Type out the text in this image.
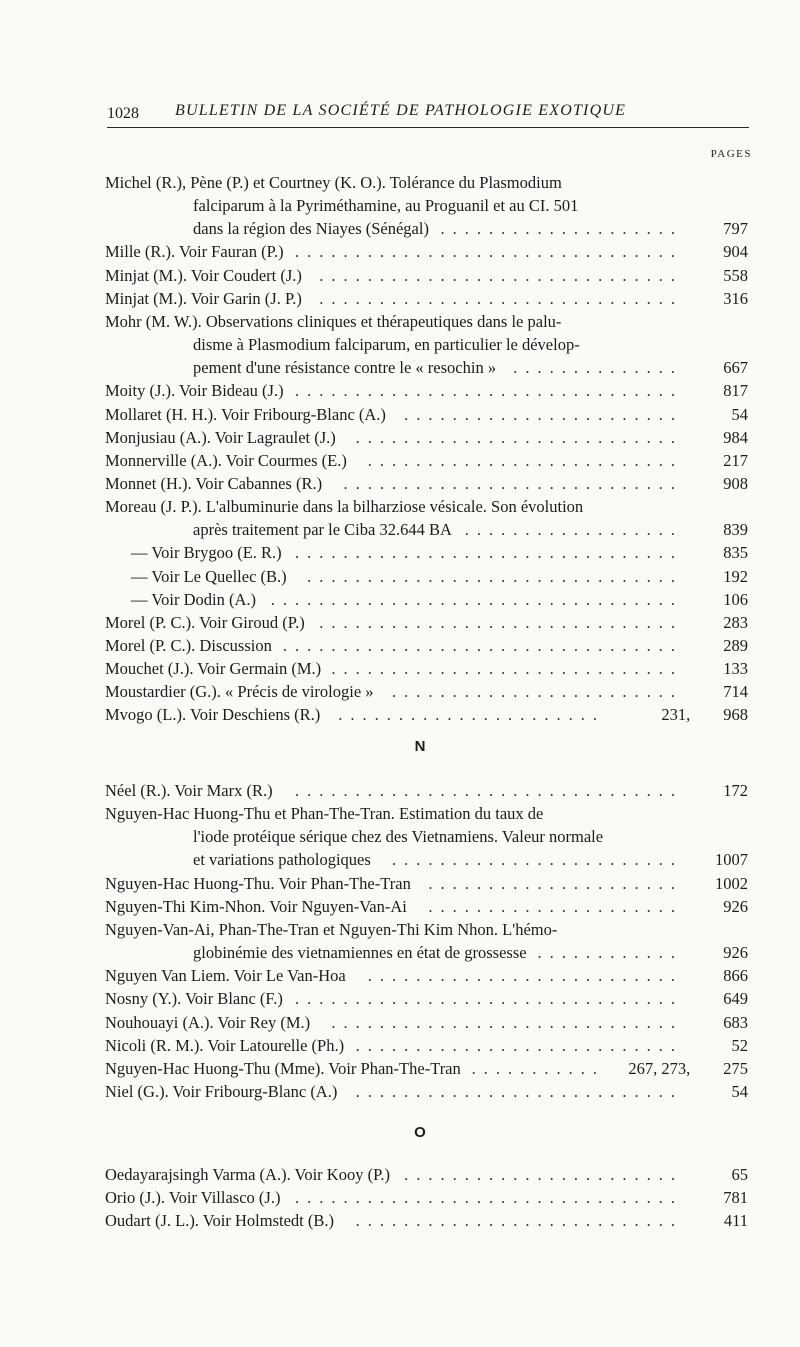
1028 BULLETIN DE LA SOCIÉTÉ DE PATHOLOGIE EXOTIQUE
PAGES
Michel (R.), Pène (P.) et Courtney (K. O.). Tolérance du Plasmodium
falciparum à la Pyriméthamine, au Proguanil et au CI. 501
dans la région des Niayes (Sénégal) ....................	797
Mille (R.). Voir Fauran (P.) ................................	904
Minjat (M.). Voir Coudert (J.) ..............................	558
Minjat (M.). Voir Garin (J. P.) ..............................	316
Mohr (M. W.). Observations cliniques et thérapeutiques dans le palu-
disme à Plasmodium falciparum, en particulier le dévelop-
pement d'une résistance contre le « resochin » ..............	667
Moity (J.). Voir Bideau (J.) ................................	817
Mollaret (H. H.). Voir Fribourg-Blanc (A.) .......................	54
Monjusiau (A.). Voir Lagraulet (J.) ...........................	984
Monnerville (A.). Voir Courmes (E.) ..........................	217
Monnet (H.). Voir Cabannes (R.) ............................	908
Moreau (J. P.). L'albuminurie dans la bilharziose vésicale. Son évolution
après traitement par le Ciba 32.644 BA ..................	839
— Voir Brygoo (E. R.) ................................	835
— Voir Le Quellec (B.) ...............................	192
— Voir Dodin (A.) ..................................	106
Morel (P. C.). Voir Giroud (P.) ..............................	283
Morel (P. C.). Discussion .................................	289
Mouchet (J.). Voir Germain (M.) .............................	133
Moustardier (G.). « Précis de virologie » ........................	714
Mvogo (L.). Voir Deschiens (R.) ......................	231,        968
N
Néel (R.). Voir Marx (R.) ................................	172
Nguyen-Hac Huong-Thu et Phan-The-Tran. Estimation du taux de
l'iode protéique sérique chez des Vietnamiens. Valeur normale
et variations pathologiques ........................	1007
Nguyen-Hac Huong-Thu. Voir Phan-The-Tran .....................	1002
Nguyen-Thi Kim-Nhon. Voir Nguyen-Van-Ai .....................	926
Nguyen-Van-Ai, Phan-The-Tran et Nguyen-Thi Kim Nhon. L'hémo-
globinémie des vietnamiennes en état de grossesse ............	926
Nguyen Van Liem. Voir Le Van-Hoa ..........................	866
Nosny (Y.). Voir Blanc (F.) ................................	649
Nouhouayi (A.). Voir Rey (M.) .............................	683
Nicoli (R. M.). Voir Latourelle (Ph.) ...........................	52
Nguyen-Hac Huong-Thu (Mme). Voir Phan-The-Tran ...........	267, 273,        275
Niel (G.). Voir Fribourg-Blanc (A.) ...........................	54
O
Oedayarajsingh Varma (A.). Voir Kooy (P.) .......................	65
Orio (J.). Voir Villasco (J.) ................................	781
Oudart (J. L.). Voir Holmstedt (B.) ...........................	411
